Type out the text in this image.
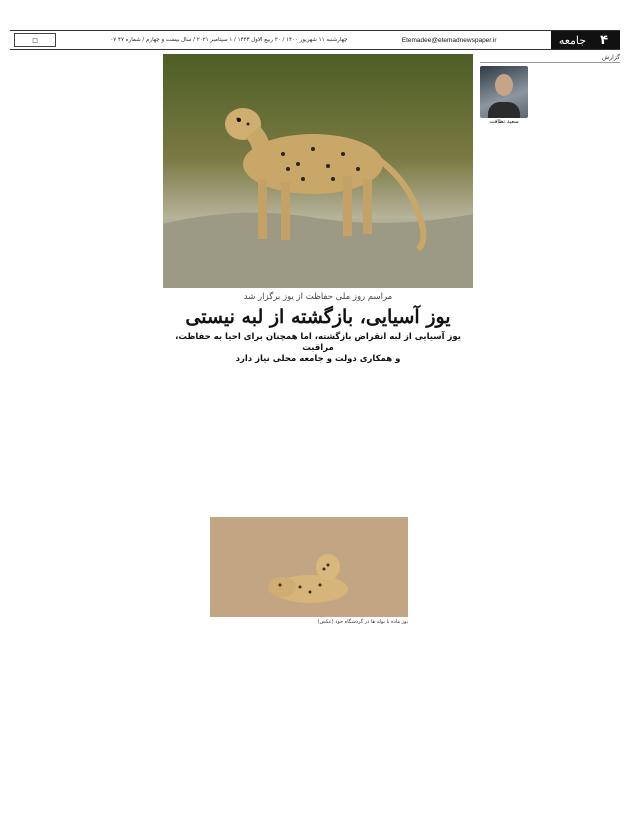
۴
جامعه
Etemadee@etemadnewspaper.ir
چهارشنبه ۱۱ شهریور ۱۴۰۰ / ۲۰ ربیع الاول ۱۴۴۳ / ۱ سپتامبر ۲۰۲۱ / سال بیست و چهارم / شماره ۴۷ ۰۷
□
گزارش
سعید نظافت
مراسم روز ملی حفاظت از یوز برگزار شد
یوز آسیایی، بازگشته از لبه نیستی
یوز آسیایی از لبه انقراض بازگشته، اما همچنان برای احیا به حفاظت، مراقبت
و همکاری دولت و جامعه محلی نیاز دارد
یوز ماده با توله ها در گردشگاه خود (عکس)
